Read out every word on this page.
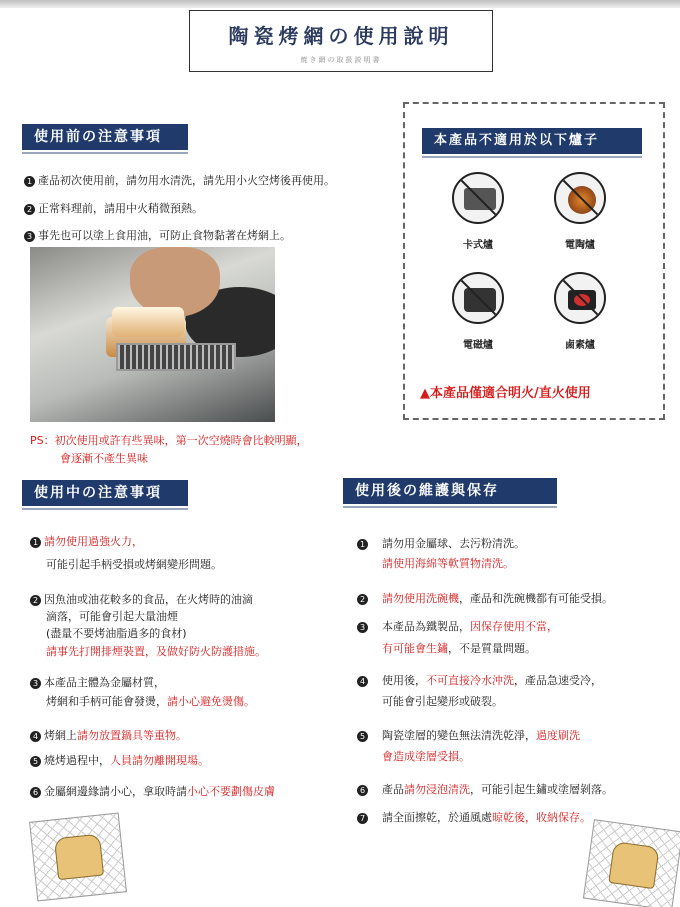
陶瓷烤網の使用說明
焼き網の取扱説明書
使用前の注意事項
1 產品初次使用前，請勿用水清洗，請先用小火空烤後再使用。
2 正常料理前，請用中火稍微預熱。
3 事先也可以塗上食用油，可防止食物黏著在烤網上。
PS：初次使用或許有些異味，第一次空燒時會比較明顯，
會逐漸不產生異味
本產品不適用於以下爐子
卡式爐	電陶爐
電磁爐	鹵素爐
▲本產品僅適合明火/直火使用
使用中の注意事項
1 請勿使用過強火力，
可能引起手柄受損或烤網變形問題。
2 因魚油或油花較多的食品，在火烤時的油滴
滴落，可能會引起大量油煙
(盡量不要烤油脂過多的食材)
請事先打開排煙裝置，及做好防火防護措施。
3 本產品主體為金屬材質，
烤網和手柄可能會發燙，請小心避免燙傷。
4 烤網上請勿放置鍋具等重物。
5 燒烤過程中，人員請勿離開現場。
6 金屬網邊緣請小心，拿取時請小心不要劃傷皮膚
使用後の維護與保存
1 請勿用金屬球、去污粉清洗。
請使用海綿等軟質物清洗。
2 請勿使用洗碗機，產品和洗碗機都有可能受損。
3 本產品為鐵製品，因保存使用不當，
有可能會生鏽，不是質量問題。
4 使用後，不可直接冷水沖洗，產品急速受冷，
可能會引起變形或破裂。
5 陶瓷塗層的變色無法清洗乾淨，過度刷洗
會造成塗層受損。
6 產品請勿浸泡清洗，可能引起生鏽或塗層剝落。
7 請全面擦乾，於通風處晾乾後，收納保存。
